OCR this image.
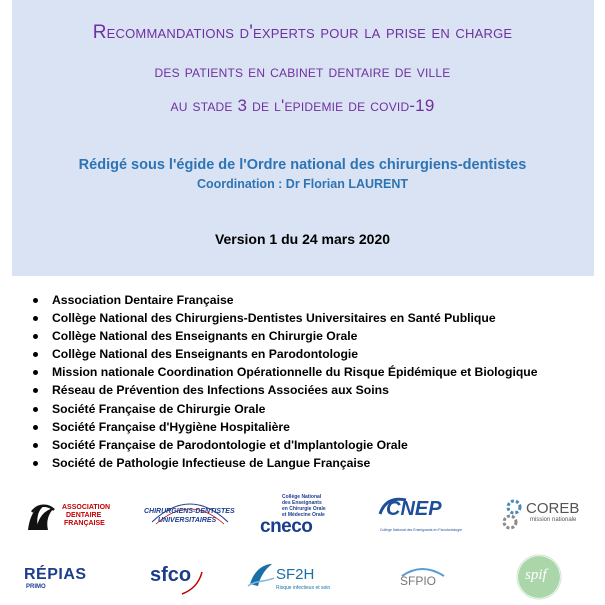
Recommandations d'experts pour la prise en charge
des patients en cabinet dentaire de ville
au stade 3 de l'epidemie de covid-19
Rédigé sous l'égide de l'Ordre national des chirurgiens-dentistes
Coordination : Dr Florian LAURENT
Version 1 du 24 mars 2020
Association Dentaire Française
Collège National des Chirurgiens-Dentistes Universitaires en Santé Publique
Collège National des Enseignants en Chirurgie Orale
Collège National des Enseignants en Parodontologie
Mission nationale Coordination Opérationnelle du Risque Épidémique et Biologique
Réseau de Prévention des Infections Associées aux Soins
Société Française de Chirurgie Orale
Société Française d'Hygiène Hospitalière
Société Française de Parodontologie et d'Implantologie Orale
Société de Pathologie Infectieuse de Langue Française
ASSOCIATION
DENTAIRE
FRANÇAISE
CHIRURGIENS-DENTISTES
UNIVERSITAIRES
Collège National
des Enseignants
en Chirurgie Orale
et Médecine Orale
cneco
CNEP
Collège National des Enseignants en Parodontologie
COREB
mission nationale
RÉPIAS
PRIMO
sfco	SF2H
Risque infectieux et soin	SFPIO	spif
